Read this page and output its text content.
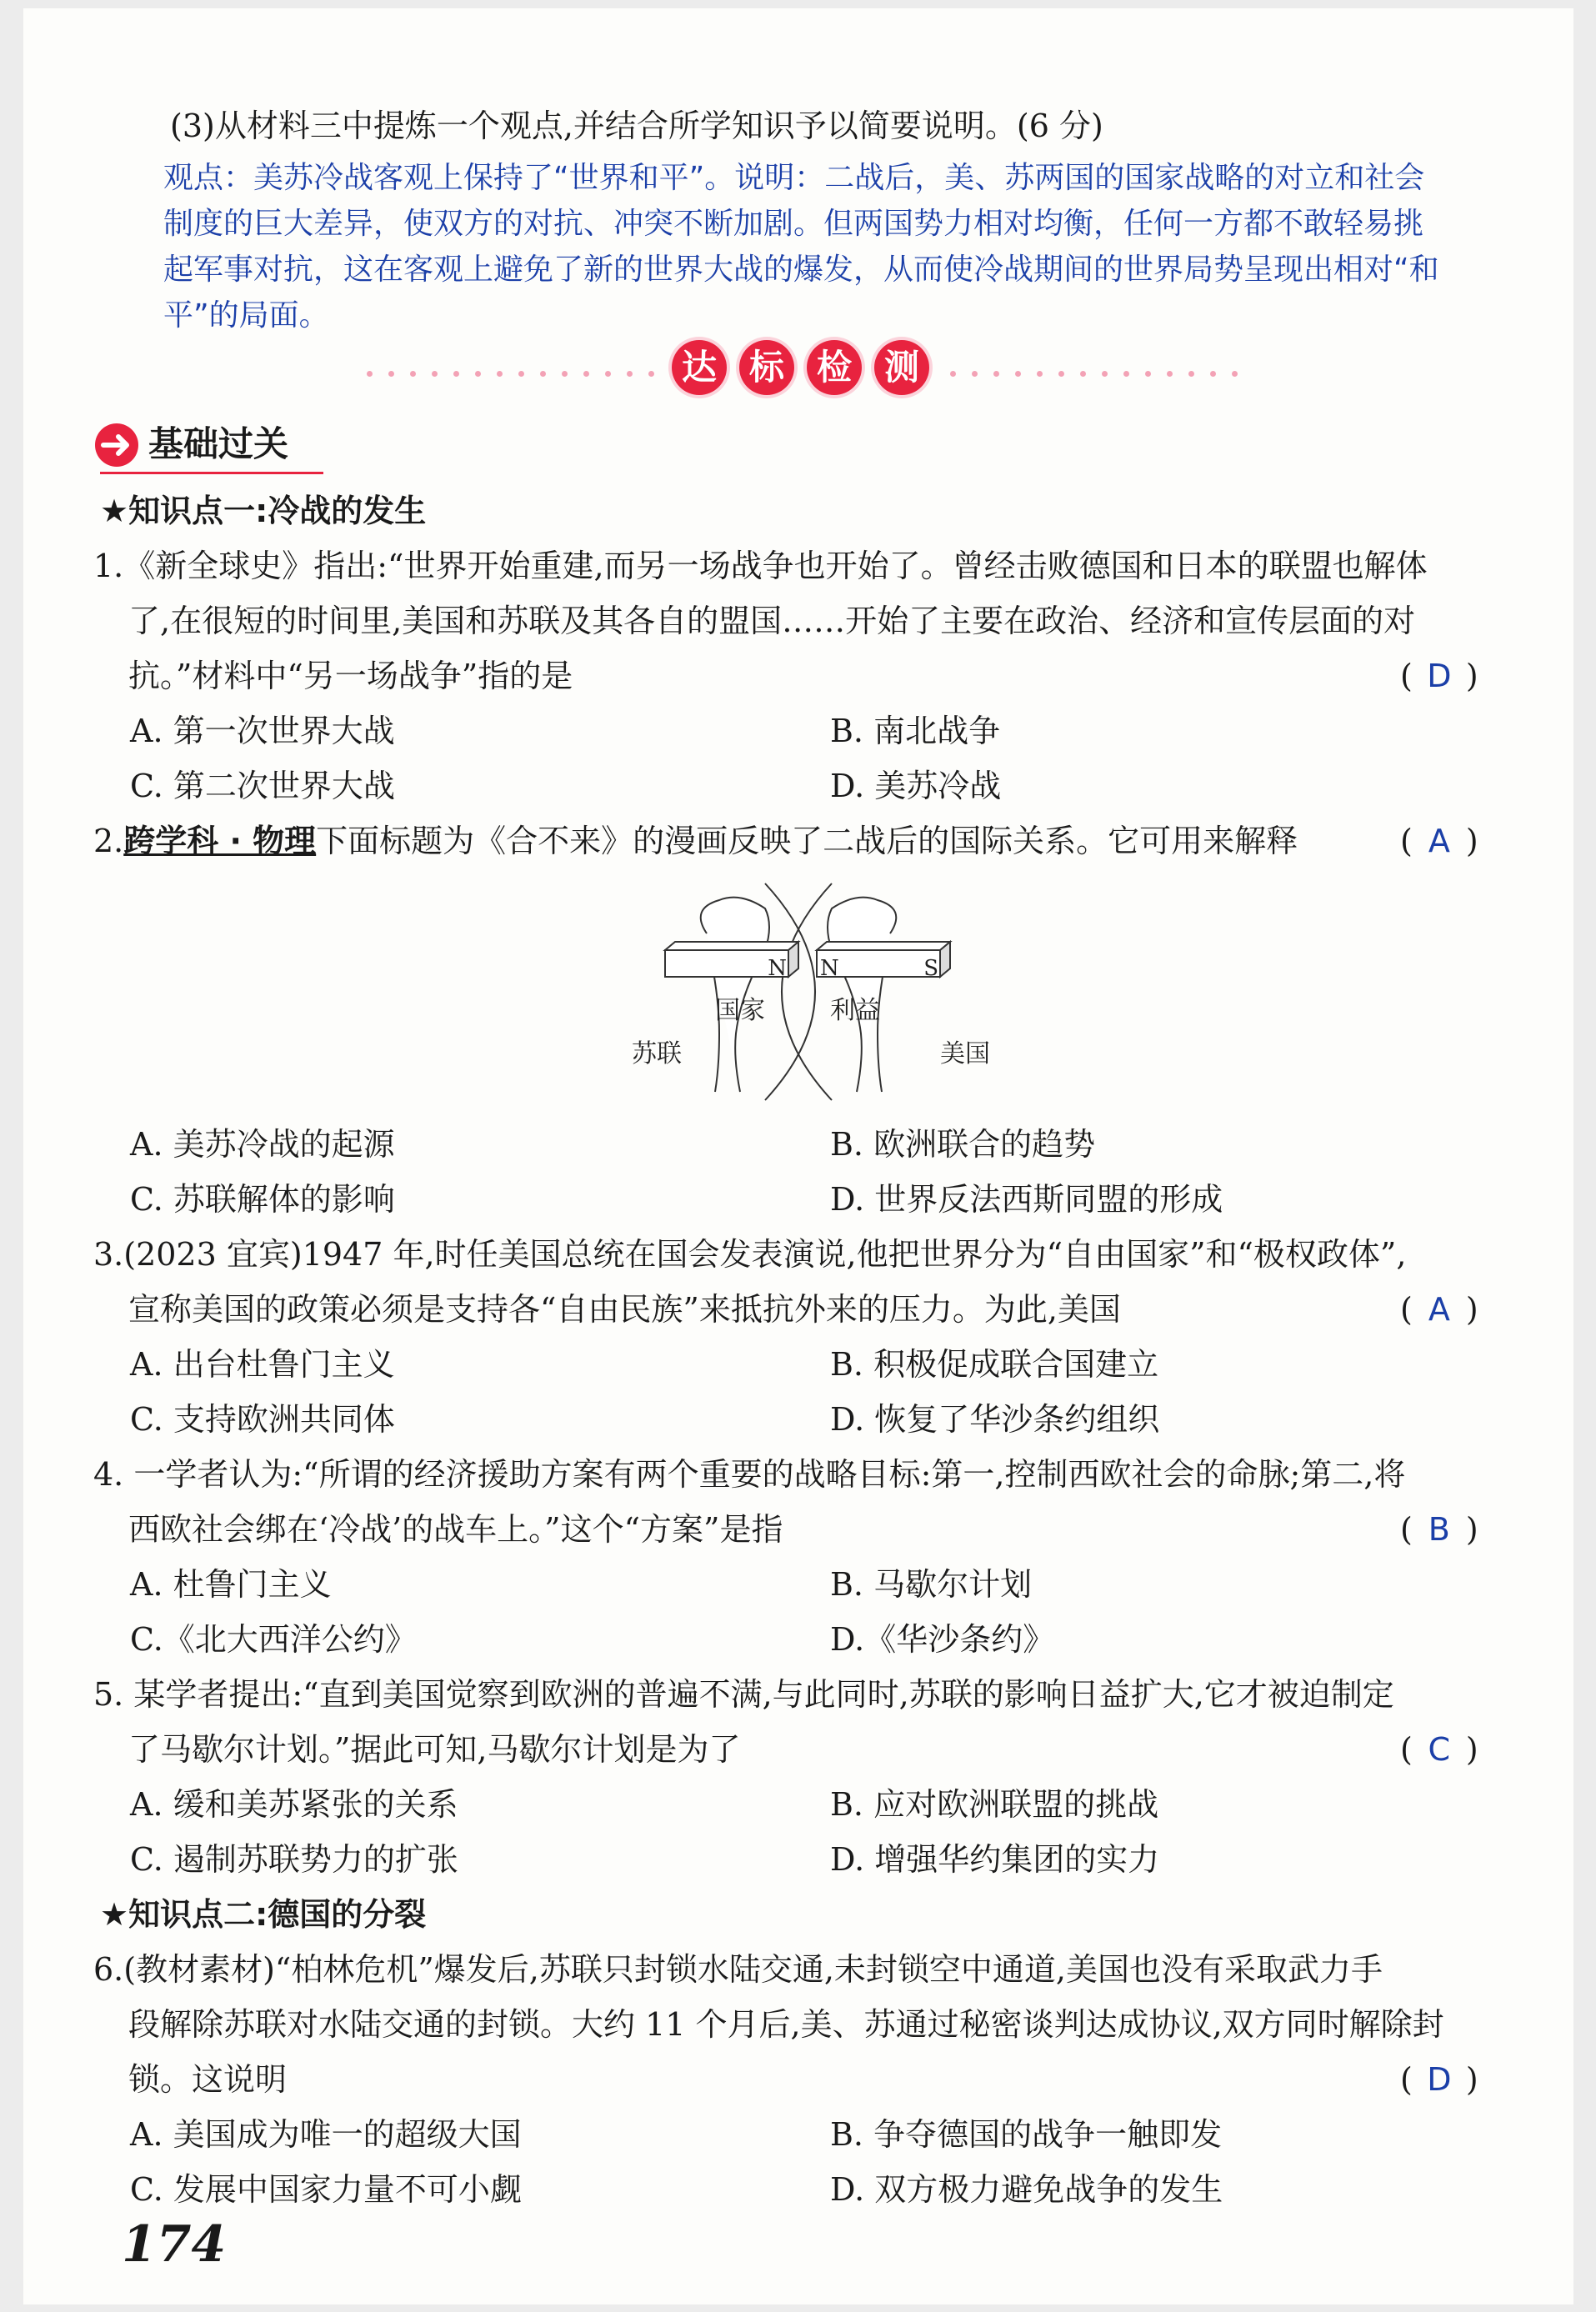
(3)从材料三中提炼一个观点,并结合所学知识予以简要说明。(6 分)
观点：美苏冷战客观上保持了“世界和平”。说明：二战后，美、苏两国的国家战略的对立和社会
制度的巨大差异，使双方的对抗、冲突不断加剧。但两国势力相对均衡，任何一方都不敢轻易挑
起军事对抗，这在客观上避免了新的世界大战的爆发，从而使冷战期间的世界局势呈现出相对“和
平”的局面。
达 标 检 测
基础过关
★知识点一:冷战的发生
1.《新全球史》指出:“世界开始重建,而另一场战争也开始了。曾经击败德国和日本的联盟也解体
了,在很短的时间里,美国和苏联及其各自的盟国……开始了主要在政治、经济和宣传层面的对
抗。”材料中“另一场战争”指的是	( D )
A. 第一次世界大战	B. 南北战争
C. 第二次世界大战	D. 美苏冷战
2.跨学科 · 物理下面标题为《合不来》的漫画反映了二战后的国际关系。它可用来解释	( A )
N N	S
国家	利益
苏联	美国
A. 美苏冷战的起源	B. 欧洲联合的趋势
C. 苏联解体的影响	D. 世界反法西斯同盟的形成
3.(2023 宜宾)1947 年,时任美国总统在国会发表演说,他把世界分为“自由国家”和“极权政体”,
宣称美国的政策必须是支持各“自由民族”来抵抗外来的压力。为此,美国	( A )
A. 出台杜鲁门主义	B. 积极促成联合国建立
C. 支持欧洲共同体	D. 恢复了华沙条约组织
4. 一学者认为:“所谓的经济援助方案有两个重要的战略目标:第一,控制西欧社会的命脉;第二,将
西欧社会绑在‘冷战’的战车上。”这个“方案”是指	( B )
A. 杜鲁门主义	B. 马歇尔计划
C.《北大西洋公约》	D.《华沙条约》
5. 某学者提出:“直到美国觉察到欧洲的普遍不满,与此同时,苏联的影响日益扩大,它才被迫制定
了马歇尔计划。”据此可知,马歇尔计划是为了	( C )
A. 缓和美苏紧张的关系	B. 应对欧洲联盟的挑战
C. 遏制苏联势力的扩张	D. 增强华约集团的实力
★知识点二:德国的分裂
6.(教材素材)“柏林危机”爆发后,苏联只封锁水陆交通,未封锁空中通道,美国也没有采取武力手
段解除苏联对水陆交通的封锁。大约 11 个月后,美、苏通过秘密谈判达成协议,双方同时解除封
锁。这说明	( D )
A. 美国成为唯一的超级大国	B. 争夺德国的战争一触即发
C. 发展中国家力量不可小觑	D. 双方极力避免战争的发生
174
